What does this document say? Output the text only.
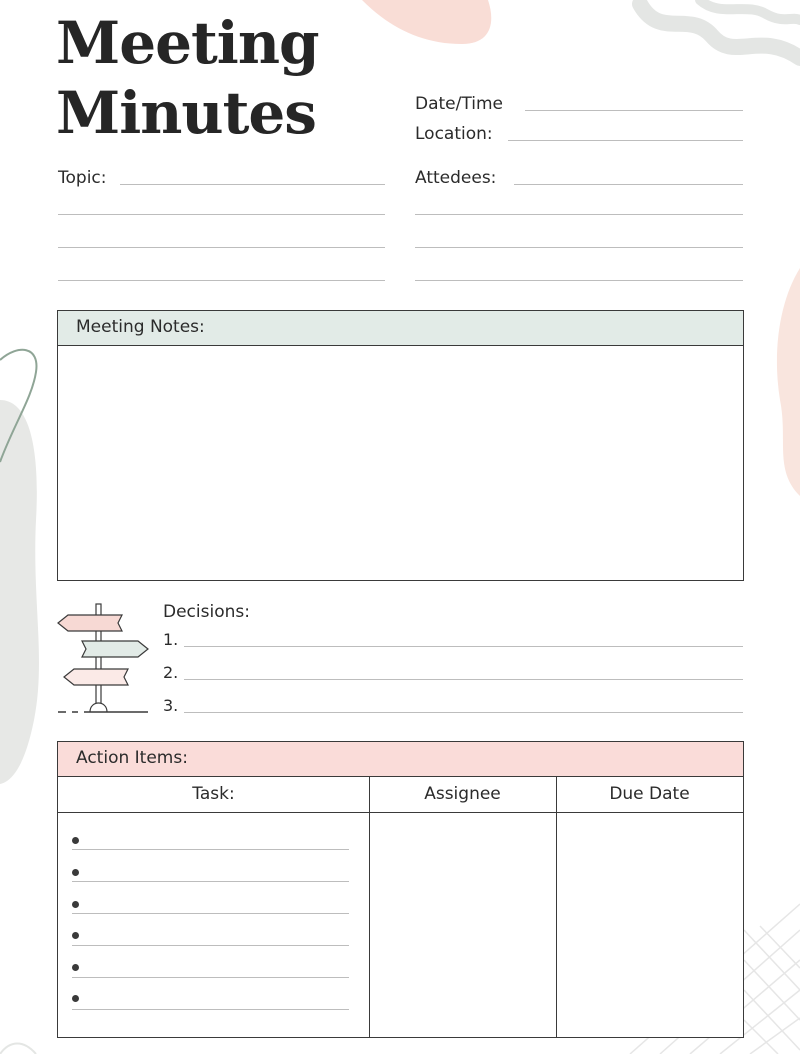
Meeting
Minutes	Date/Time
Location:
Topic:	Attedees:
Meeting Notes:
Decisions:
1.
2.
3.
Action Items:
Task:	Assignee	Due Date
